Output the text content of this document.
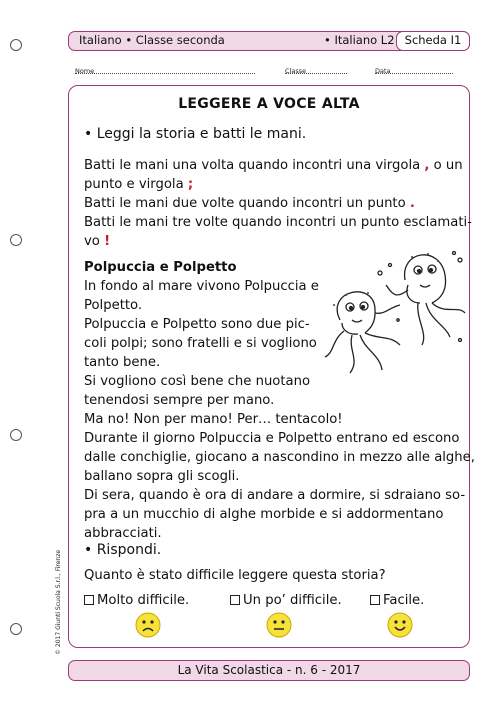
Italiano • Classe seconda	• Italiano L2 Scheda I1
Nome	Classe	Data
LEGGERE A VOCE ALTA
• Leggi la storia e batti le mani.
Batti le mani una volta quando incontri una virgola , o un
punto e virgola ;
Batti le mani due volte quando incontri un punto .
Batti le mani tre volte quando incontri un punto esclamati-
vo !
Polpuccia e Polpetto
In fondo al mare vivono Polpuccia e
Polpetto.
Polpuccia e Polpetto sono due pic-
coli polpi; sono fratelli e si vogliono
tanto bene.
Si vogliono così bene che nuotano
tenendosi sempre per mano.
Ma no! Non per mano! Per… tentacolo!
Durante il giorno Polpuccia e Polpetto entrano ed escono
dalle conchiglie, giocano a nascondino in mezzo alle alghe,
ballano sopra gli scogli.
Di sera, quando è ora di andare a dormire, si sdraiano so-
pra a un mucchio di alghe morbide e si addormentano
abbracciati.
• Rispondi.
Quanto è stato difficile leggere questa storia?
Molto difficile.	Un po’ difficile.	Facile.
© 2017 Giunti Scuola S.r.l., Firenze
La Vita Scolastica - n. 6 - 2017
